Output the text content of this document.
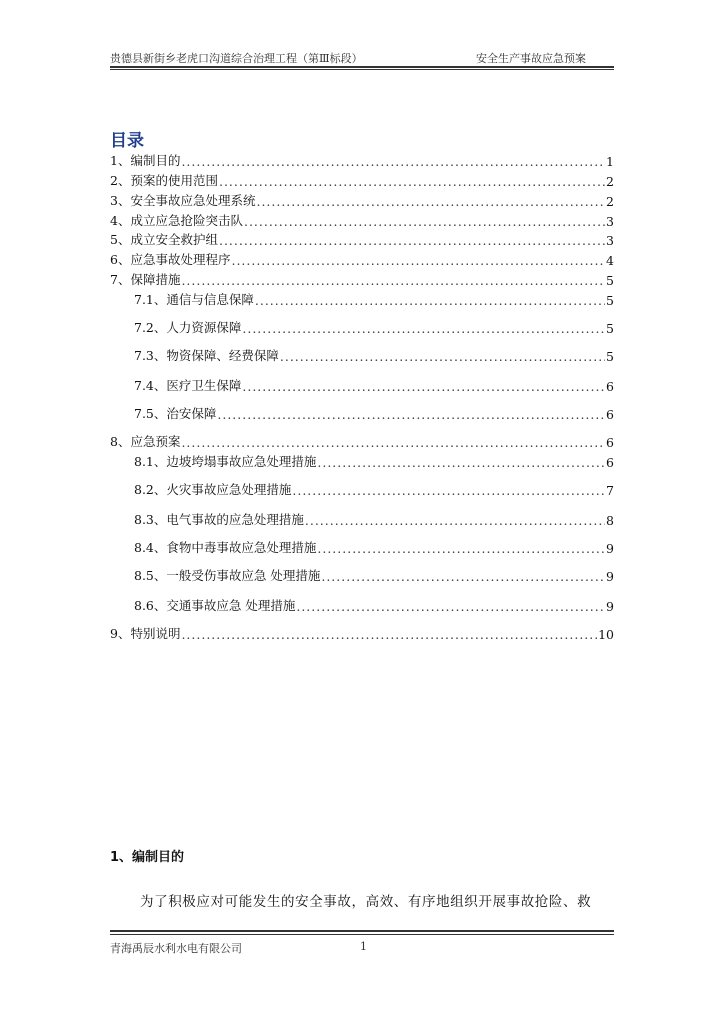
贵德县新街乡老虎口沟道综合治理工程（第Ⅲ标段）	安全生产事故应急预案
目录
1、编制目的 .....	1
2、预案的使用范围 .....	2
3、安全事故应急处理系统 .....	2
4、成立应急抢险突击队 .....	3
5、成立安全救护组 .....	3
6、应急事故处理程序 .....	4
7、保障措施 .....	5
7.1、通信与信息保障 .....	5
7.2、人力资源保障 .....	5
7.3、物资保障、经费保障 .....	5
7.4、医疗卫生保障 .....	6
7.5、治安保障 .....	6
8、应急预案 .....	6
8.1、边坡垮塌事故应急处理措施 .....	6
8.2、火灾事故应急处理措施 .....	7
8.3、电气事故的应急处理措施 .....	8
8.4、食物中毒事故应急处理措施 .....	9
8.5、一般受伤事故应急 处理措施 .....	9
8.6、交通事故应急 处理措施 .....	9
9、特别说明 .....	10
1、编制目的
为了积极应对可能发生的安全事故，高效、有序地组织开展事故抢险、救
青海禹辰水利水电有限公司	1
